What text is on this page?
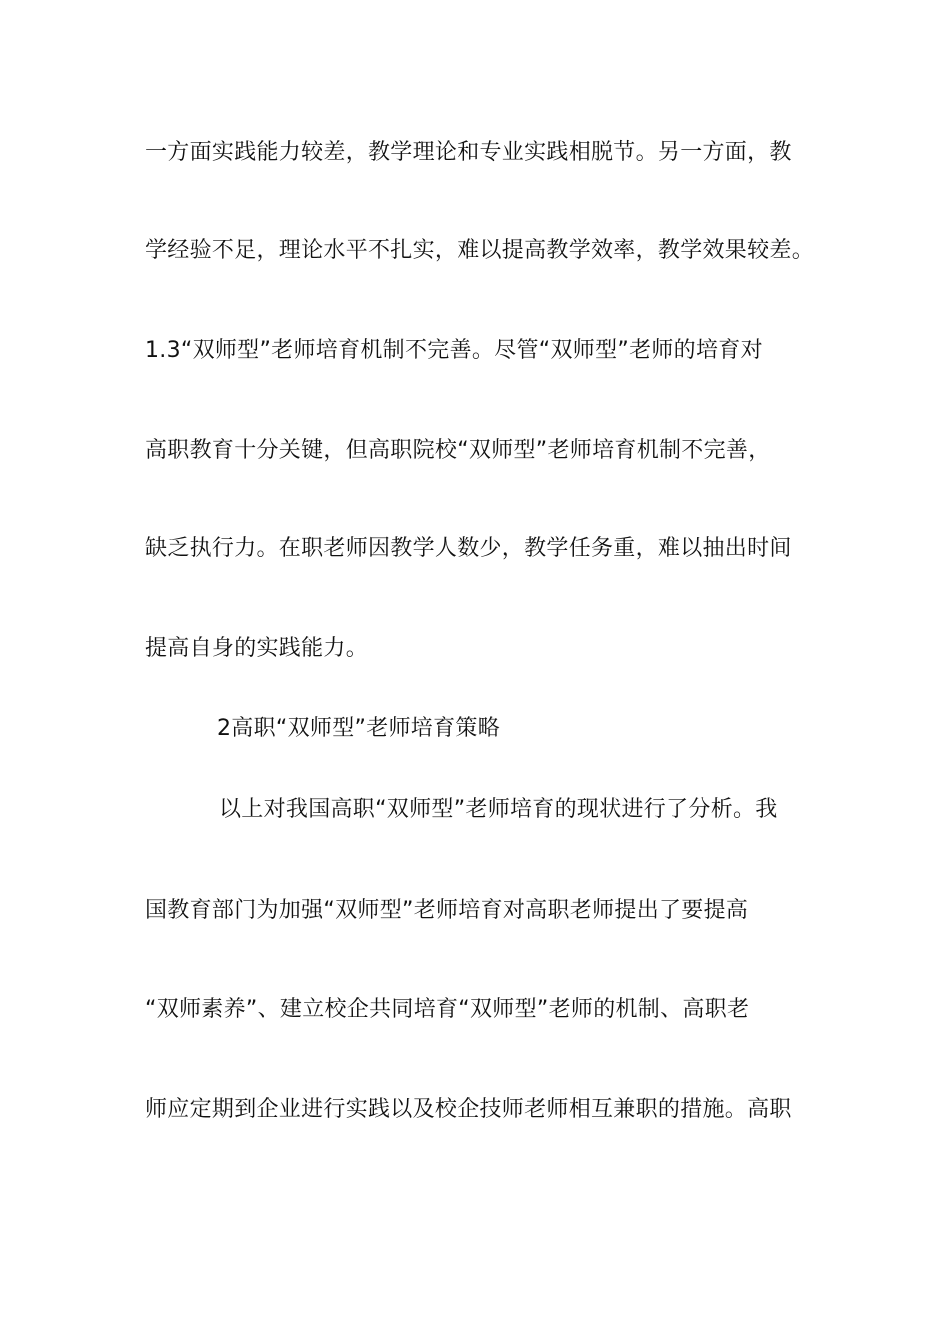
一方面实践能力较差，教学理论和专业实践相脱节。另一方面，教
学经验不足，理论水平不扎实，难以提高教学效率，教学效果较差。
1.3“双师型”老师培育机制不完善。尽管“双师型”老师的培育对
高职教育十分关键，但高职院校“双师型”老师培育机制不完善，
缺乏执行力。在职老师因教学人数少，教学任务重，难以抽出时间
提高自身的实践能力。
2高职“双师型”老师培育策略
以上对我国高职“双师型”老师培育的现状进行了分析。我
国教育部门为加强“双师型”老师培育对高职老师提出了要提高
“双师素养”、建立校企共同培育“双师型”老师的机制、高职老
师应定期到企业进行实践以及校企技师老师相互兼职的措施。高职
